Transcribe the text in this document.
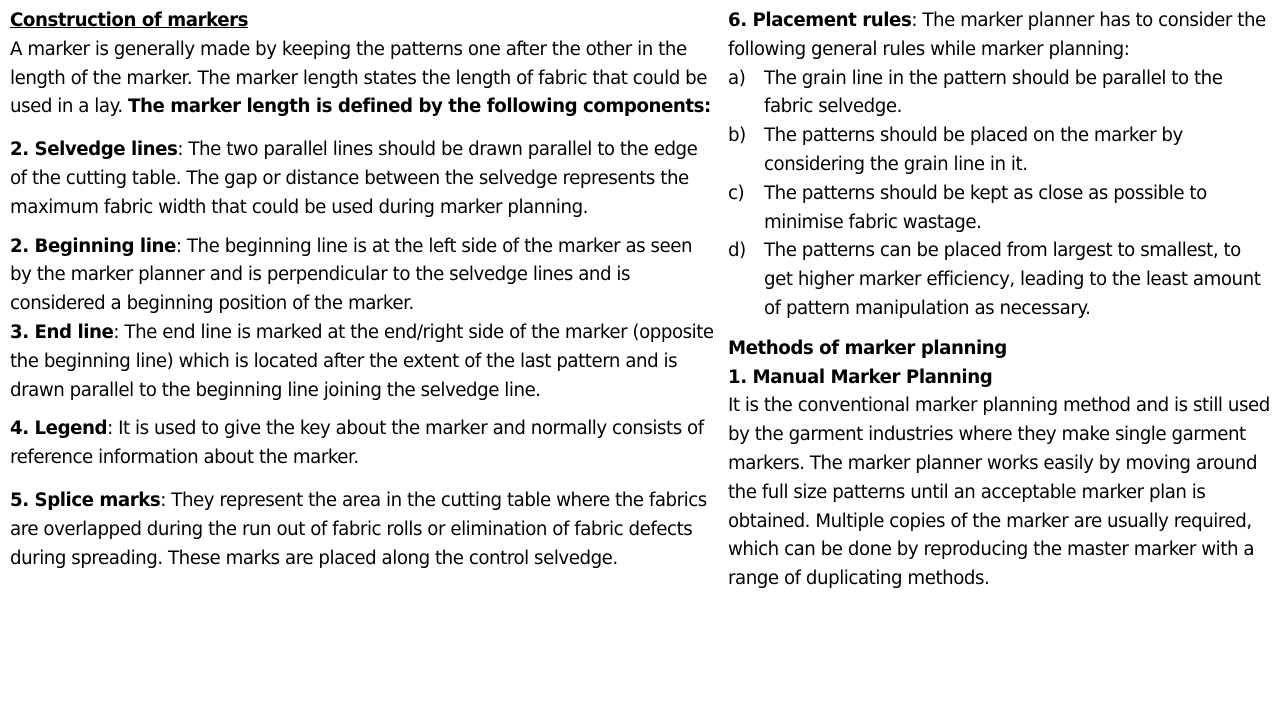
Construction of markers
A marker is generally made by keeping the patterns one after the other in the length of the marker. The marker length states the length of fabric that could be used in a lay. The marker length is defined by the following components:

2. Selvedge lines: The two parallel lines should be drawn parallel to the edge of the cutting table. The gap or distance between the selvedge represents the maximum fabric width that could be used during marker planning.

2. Beginning line: The beginning line is at the left side of the marker as seen by the marker planner and is perpendicular to the selvedge lines and is considered a beginning position of the marker.

3. End line: The end line is marked at the end/right side of the marker (opposite the beginning line) which is located after the extent of the last pattern and is drawn parallel to the beginning line joining the selvedge line.

4. Legend: It is used to give the key about the marker and normally consists of reference information about the marker.

5. Splice marks: They represent the area in the cutting table where the fabrics are overlapped during the run out of fabric rolls or elimination of fabric defects during spreading. These marks are placed along the control selvedge.

6. Placement rules: The marker planner has to consider the following general rules while marker planning:

a)	The grain line in the pattern should be parallel to the fabric selvedge.
b)	The patterns should be placed on the marker by considering the grain line in it.
c)	The patterns should be kept as close as possible to minimise fabric wastage.
d)	The patterns can be placed from largest to smallest, to get higher marker efficiency, leading to the least amount of pattern manipulation as necessary.

Methods of marker planning
1. Manual Marker Planning
It is the conventional marker planning method and is still used by the garment industries where they make single garment markers. The marker planner works easily by moving around the full size patterns until an acceptable marker plan is obtained. Multiple copies of the marker are usually required, which can be done by reproducing the master marker with a range of duplicating methods.
